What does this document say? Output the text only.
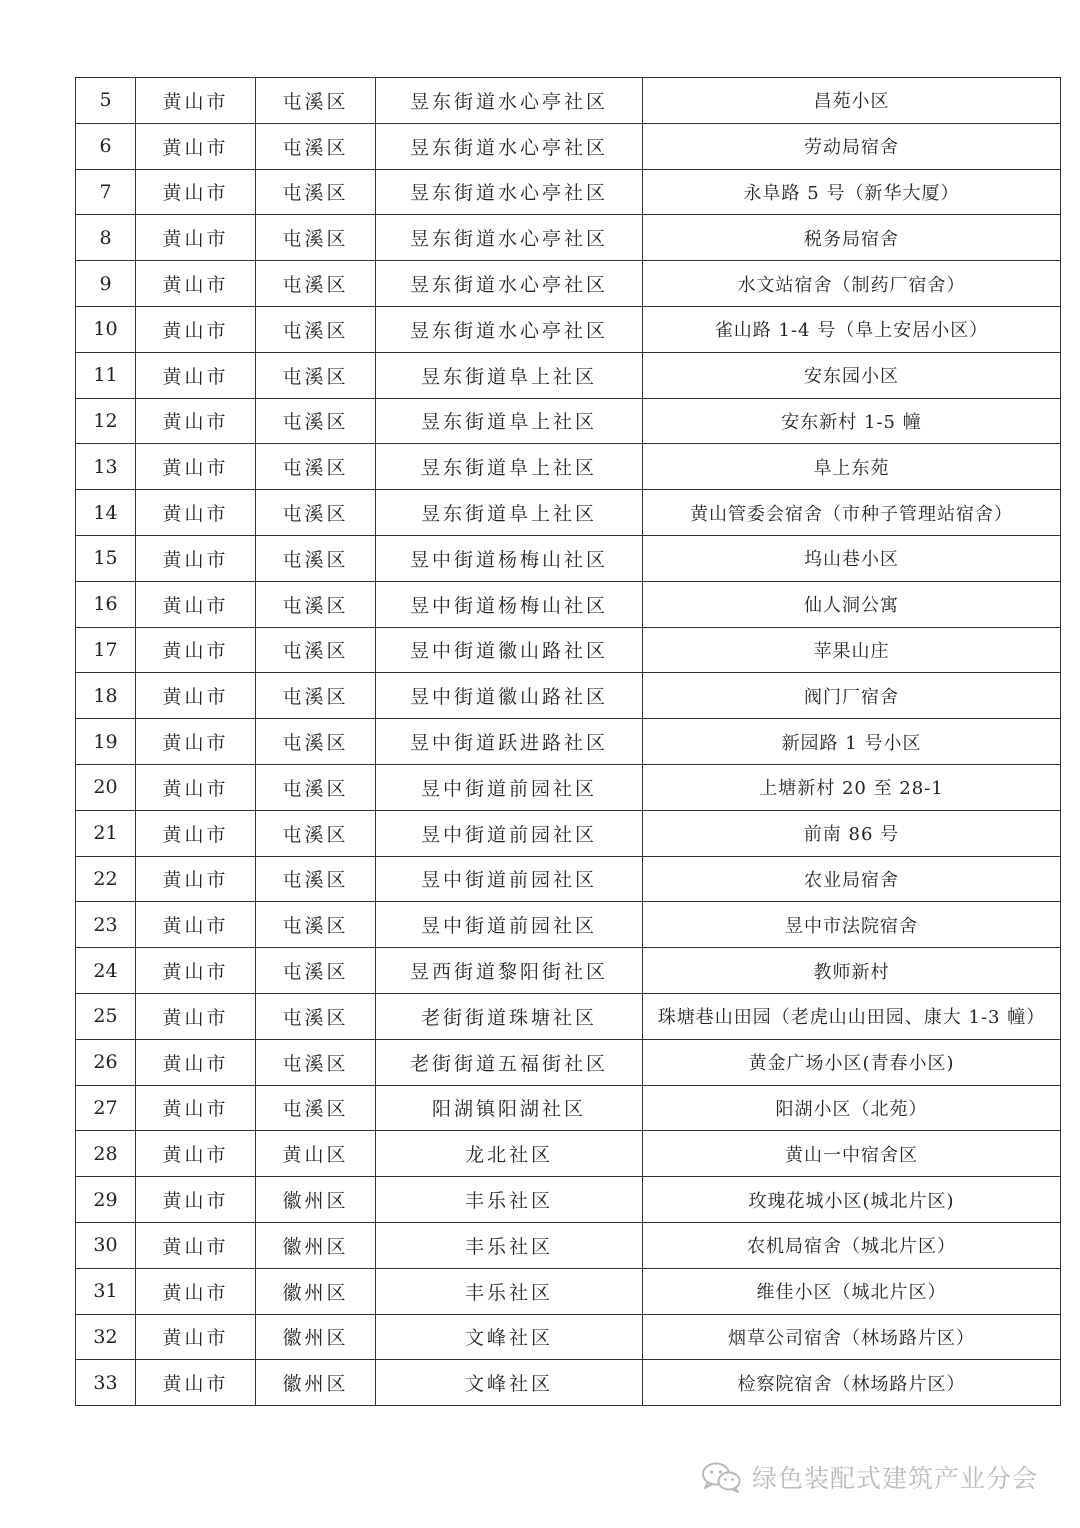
5	黄山市	屯溪区	昱东街道水心亭社区	昌苑小区
6	黄山市	屯溪区	昱东街道水心亭社区	劳动局宿舍
7	黄山市	屯溪区	昱东街道水心亭社区	永阜路 5 号（新华大厦）
8	黄山市	屯溪区	昱东街道水心亭社区	税务局宿舍
9	黄山市	屯溪区	昱东街道水心亭社区	水文站宿舍（制药厂宿舍）
10	黄山市	屯溪区	昱东街道水心亭社区	雀山路 1-4 号（阜上安居小区）
11	黄山市	屯溪区	昱东街道阜上社区	安东园小区
12	黄山市	屯溪区	昱东街道阜上社区	安东新村 1-5 幢
13	黄山市	屯溪区	昱东街道阜上社区	阜上东苑
14	黄山市	屯溪区	昱东街道阜上社区	黄山管委会宿舍（市种子管理站宿舍）
15	黄山市	屯溪区	昱中街道杨梅山社区	坞山巷小区
16	黄山市	屯溪区	昱中街道杨梅山社区	仙人洞公寓
17	黄山市	屯溪区	昱中街道徽山路社区	苹果山庄
18	黄山市	屯溪区	昱中街道徽山路社区	阀门厂宿舍
19	黄山市	屯溪区	昱中街道跃进路社区	新园路 1 号小区
20	黄山市	屯溪区	昱中街道前园社区	上塘新村 20 至 28-1
21	黄山市	屯溪区	昱中街道前园社区	前南 86 号
22	黄山市	屯溪区	昱中街道前园社区	农业局宿舍
23	黄山市	屯溪区	昱中街道前园社区	昱中市法院宿舍
24	黄山市	屯溪区	昱西街道黎阳街社区	教师新村
25	黄山市	屯溪区	老街街道珠塘社区	珠塘巷山田园（老虎山山田园、康大 1-3 幢）
26	黄山市	屯溪区	老街街道五福街社区	黄金广场小区(青春小区)
27	黄山市	屯溪区	阳湖镇阳湖社区	阳湖小区（北苑）
28	黄山市	黄山区	龙北社区	黄山一中宿舍区
29	黄山市	徽州区	丰乐社区	玫瑰花城小区(城北片区)
30	黄山市	徽州区	丰乐社区	农机局宿舍（城北片区）
31	黄山市	徽州区	丰乐社区	维佳小区（城北片区）
32	黄山市	徽州区	文峰社区	烟草公司宿舍（林场路片区）
33	黄山市	徽州区	文峰社区	检察院宿舍（林场路片区）
绿色装配式建筑产业分会
